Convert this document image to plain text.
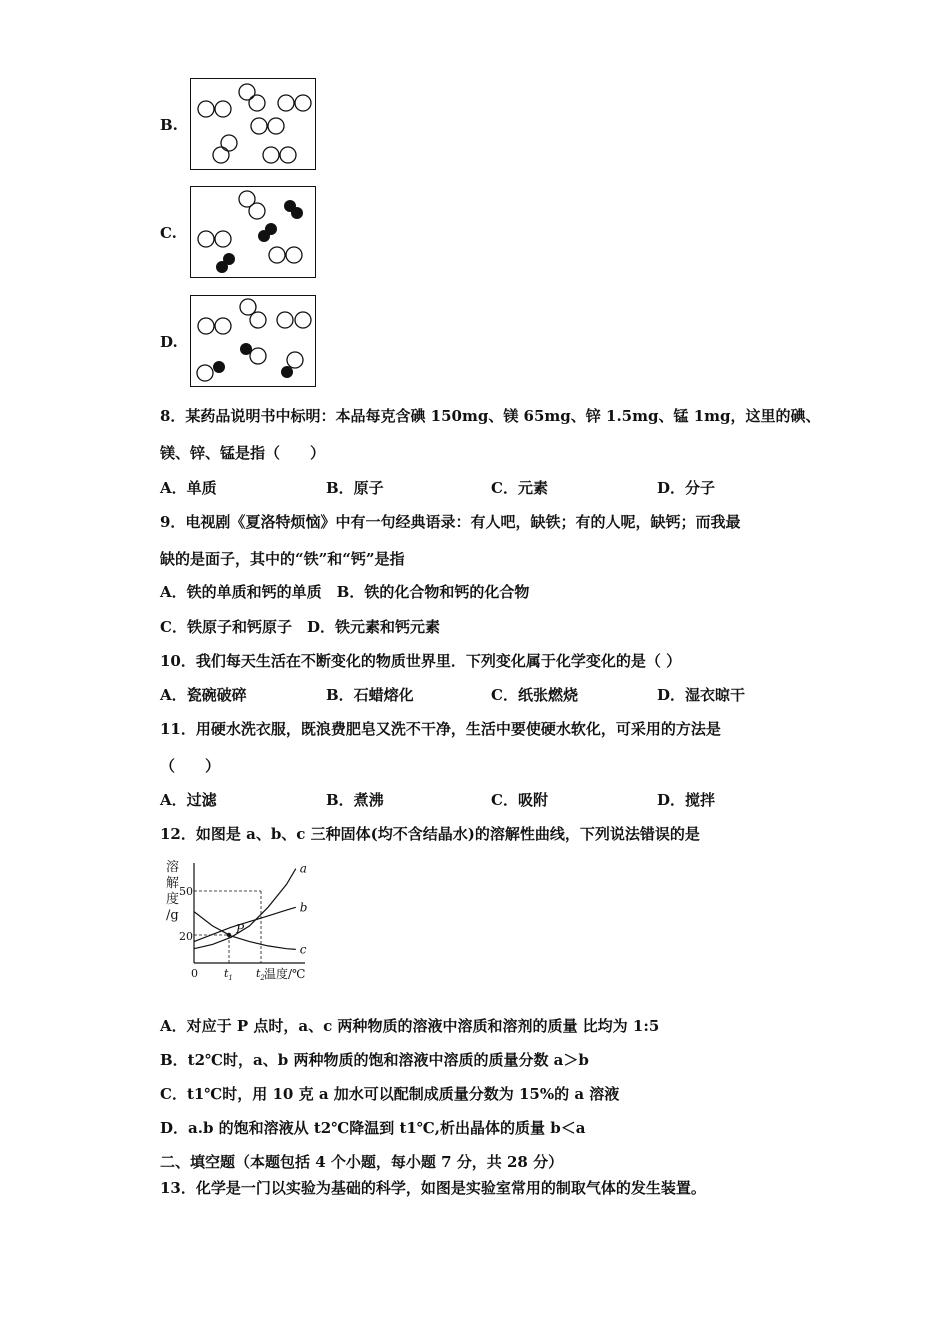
B.
C.
D.
8．某药品说明书中标明：本品每克含碘 150mg、镁 65mg、锌 1.5mg、锰 1mg，这里的碘、
镁、锌、锰是指（　　）
A．单质	B．原子	C．元素	D．分子
9．电视剧《夏洛特烦恼》中有一句经典语录：有人吧，缺铁；有的人呢，缺钙；而我最
缺的是面子，其中的“铁”和“钙”是指
A．铁的单质和钙的单质　B．铁的化合物和钙的化合物
C．铁原子和钙原子　D．铁元素和钙元素
10．我们每天生活在不断变化的物质世界里．下列变化属于化学变化的是（ ）
A．瓷碗破碎	B．石蜡熔化	C．纸张燃烧	D．湿衣晾干
11．用硬水洗衣服，既浪费肥皂又洗不干净，生活中要使硬水软化，可采用的方法是
（　　）
A．过滤	B．煮沸	C．吸附	D．搅拌
12．如图是 a、b、c 三种固体(均不含结晶水)的溶解性曲线，下列说法错误的是
溶
解
度
/g
50
20
0 $t_1$ $t_2$ 温度/℃
a
b
c
P
A．对应于 P 点时，a、c 两种物质的溶液中溶质和溶剂的质量 比均为 1:5
B．t2℃时，a、b 两种物质的饱和溶液中溶质的质量分数 a＞b
C．t1℃时，用 10 克 a 加水可以配制成质量分数为 15%的 a 溶液
D．a.b 的饱和溶液从 t2℃降温到 t1℃,析出晶体的质量 b＜a
二、填空题（本题包括 4 个小题，每小题 7 分，共 28 分）
13．化学是一门以实验为基础的科学，如图是实验室常用的制取气体的发生装置。
